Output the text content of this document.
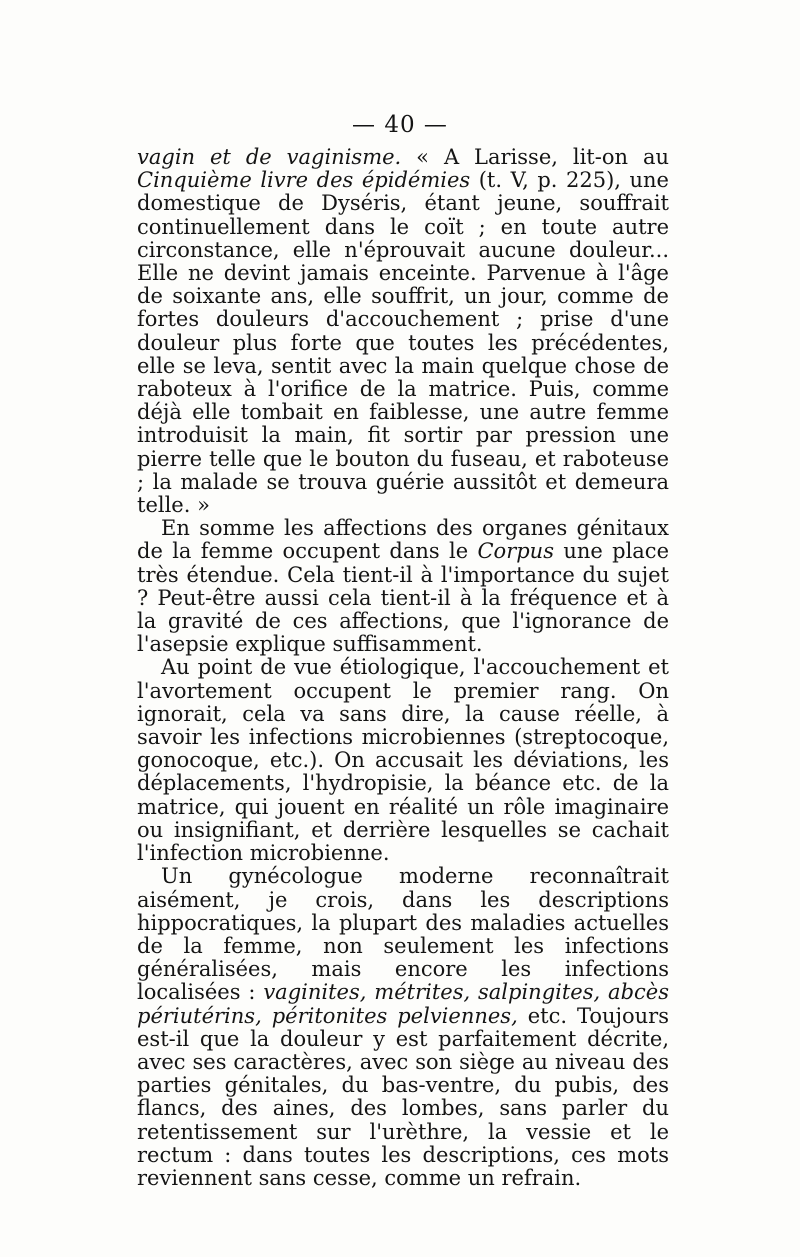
— 40 —

vagin et de vaginisme. « A Larisse, lit-on au Cinquième livre des épidémies (t. V, p. 225), une domestique de Dyséris, étant jeune, souffrait continuellement dans le coït ; en toute autre circonstance, elle n'éprouvait aucune douleur... Elle ne devint jamais enceinte. Parvenue à l'âge de soixante ans, elle souffrit, un jour, comme de fortes douleurs d'accouchement ; prise d'une douleur plus forte que toutes les précédentes, elle se leva, sentit avec la main quelque chose de raboteux à l'orifice de la matrice. Puis, comme déjà elle tombait en faiblesse, une autre femme introduisit la main, fit sortir par pression une pierre telle que le bouton du fuseau, et raboteuse ; la malade se trouva guérie aussitôt et demeura telle. »

En somme les affections des organes génitaux de la femme occupent dans le Corpus une place très étendue. Cela tient-il à l'importance du sujet ? Peut-être aussi cela tient-il à la fréquence et à la gravité de ces affections, que l'ignorance de l'asepsie explique suffisamment.

Au point de vue étiologique, l'accouchement et l'avortement occupent le premier rang. On ignorait, cela va sans dire, la cause réelle, à savoir les infections microbiennes (streptocoque, gonocoque, etc.). On accusait les déviations, les déplacements, l'hydropisie, la béance etc. de la matrice, qui jouent en réalité un rôle imaginaire ou insignifiant, et derrière lesquelles se cachait l'infection microbienne.

Un gynécologue moderne reconnaîtrait aisément, je crois, dans les descriptions hippocratiques, la plupart des maladies actuelles de la femme, non seulement les infections généralisées, mais encore les infections localisées : vaginites, métrites, salpingites, abcès périutérins, péritonites pelviennes, etc. Toujours est-il que la douleur y est parfaitement décrite, avec ses caractères, avec son siège au niveau des parties génitales, du bas-ventre, du pubis, des flancs, des aines, des lombes, sans parler du retentissement sur l'urèthre, la vessie et le rectum : dans toutes les descriptions, ces mots reviennent sans cesse, comme un refrain.
